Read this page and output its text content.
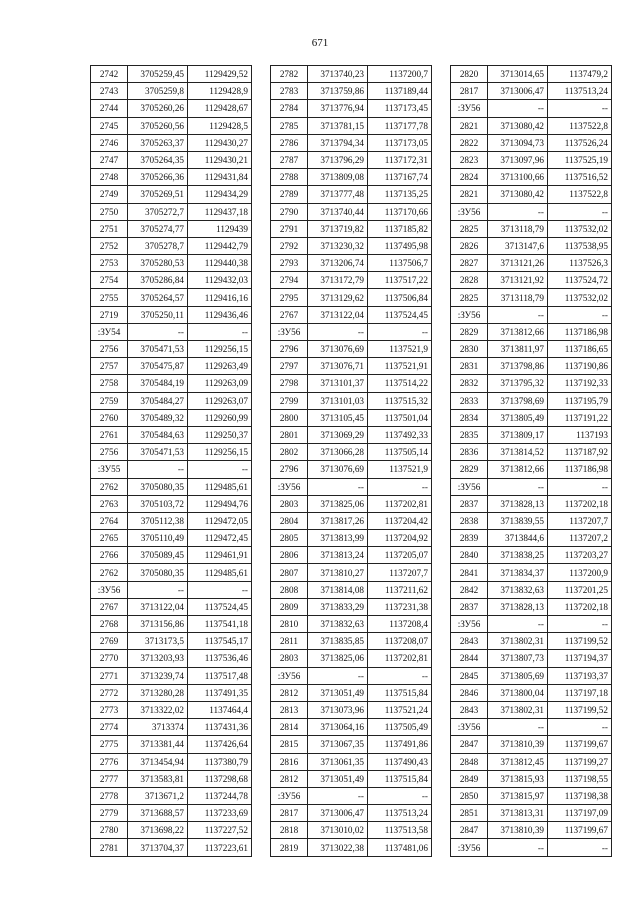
671
2742	3705259,45	1129429,52
2743	3705259,8	1129428,9
2744	3705260,26	1129428,67
2745	3705260,56	1129428,5
2746	3705263,37	1129430,27
2747	3705264,35	1129430,21
2748	3705266,36	1129431,84
2749	3705269,51	1129434,29
2750	3705272,7	1129437,18
2751	3705274,77	1129439
2752	3705278,7	1129442,79
2753	3705280,53	1129440,38
2754	3705286,84	1129432,03
2755	3705264,57	1129416,16
2719	3705250,11	1129436,46
:ЗУ54	--	--
2756	3705471,53	1129256,15
2757	3705475,87	1129263,49
2758	3705484,19	1129263,09
2759	3705484,27	1129263,07
2760	3705489,32	1129260,99
2761	3705484,63	1129250,37
2756	3705471,53	1129256,15
:ЗУ55	--	--
2762	3705080,35	1129485,61
2763	3705103,72	1129494,76
2764	3705112,38	1129472,05
2765	3705110,49	1129472,45
2766	3705089,45	1129461,91
2762	3705080,35	1129485,61
:ЗУ56	--	--
2767	3713122,04	1137524,45
2768	3713156,86	1137541,18
2769	3713173,5	1137545,17
2770	3713203,93	1137536,46
2771	3713239,74	1137517,48
2772	3713280,28	1137491,35
2773	3713322,02	1137464,4
2774	3713374	1137431,36
2775	3713381,44	1137426,64
2776	3713454,94	1137380,79
2777	3713583,81	1137298,68
2778	3713671,2	1137244,78
2779	3713688,57	1137233,69
2780	3713698,22	1137227,52
2781	3713704,37	1137223,61
2782	3713740,23	1137200,7
2783	3713759,86	1137189,44
2784	3713776,94	1137173,45
2785	3713781,15	1137177,78
2786	3713794,34	1137173,05
2787	3713796,29	1137172,31
2788	3713809,08	1137167,74
2789	3713777,48	1137135,25
2790	3713740,44	1137170,66
2791	3713719,82	1137185,82
2792	3713230,32	1137495,98
2793	3713206,74	1137506,7
2794	3713172,79	1137517,22
2795	3713129,62	1137506,84
2767	3713122,04	1137524,45
:ЗУ56	--	--
2796	3713076,69	1137521,9
2797	3713076,71	1137521,91
2798	3713101,37	1137514,22
2799	3713101,03	1137515,32
2800	3713105,45	1137501,04
2801	3713069,29	1137492,33
2802	3713066,28	1137505,14
2796	3713076,69	1137521,9
:ЗУ56	--	--
2803	3713825,06	1137202,81
2804	3713817,26	1137204,42
2805	3713813,99	1137204,92
2806	3713813,24	1137205,07
2807	3713810,27	1137207,7
2808	3713814,08	1137211,62
2809	3713833,29	1137231,38
2810	3713832,63	1137208,4
2811	3713835,85	1137208,07
2803	3713825,06	1137202,81
:ЗУ56	--	--
2812	3713051,49	1137515,84
2813	3713073,96	1137521,24
2814	3713064,16	1137505,49
2815	3713067,35	1137491,86
2816	3713061,35	1137490,43
2812	3713051,49	1137515,84
:ЗУ56	--	--
2817	3713006,47	1137513,24
2818	3713010,02	1137513,58
2819	3713022,38	1137481,06
2820	3713014,65	1137479,2
2817	3713006,47	1137513,24
:ЗУ56	--	--
2821	3713080,42	1137522,8
2822	3713094,73	1137526,24
2823	3713097,96	1137525,19
2824	3713100,66	1137516,52
2821	3713080,42	1137522,8
:ЗУ56	--	--
2825	3713118,79	1137532,02
2826	3713147,6	1137538,95
2827	3713121,26	1137526,3
2828	3713121,92	1137524,72
2825	3713118,79	1137532,02
:ЗУ56	--	--
2829	3713812,66	1137186,98
2830	3713811,97	1137186,65
2831	3713798,86	1137190,86
2832	3713795,32	1137192,33
2833	3713798,69	1137195,79
2834	3713805,49	1137191,22
2835	3713809,17	1137193
2836	3713814,52	1137187,92
2829	3713812,66	1137186,98
:ЗУ56	--	--
2837	3713828,13	1137202,18
2838	3713839,55	1137207,7
2839	3713844,6	1137207,2
2840	3713838,25	1137203,27
2841	3713834,37	1137200,9
2842	3713832,63	1137201,25
2837	3713828,13	1137202,18
:ЗУ56	--	--
2843	3713802,31	1137199,52
2844	3713807,73	1137194,37
2845	3713805,69	1137193,37
2846	3713800,04	1137197,18
2843	3713802,31	1137199,52
:ЗУ56	--	--
2847	3713810,39	1137199,67
2848	3713812,45	1137199,27
2849	3713815,93	1137198,55
2850	3713815,97	1137198,38
2851	3713813,31	1137197,09
2847	3713810,39	1137199,67
:ЗУ56	--	--
